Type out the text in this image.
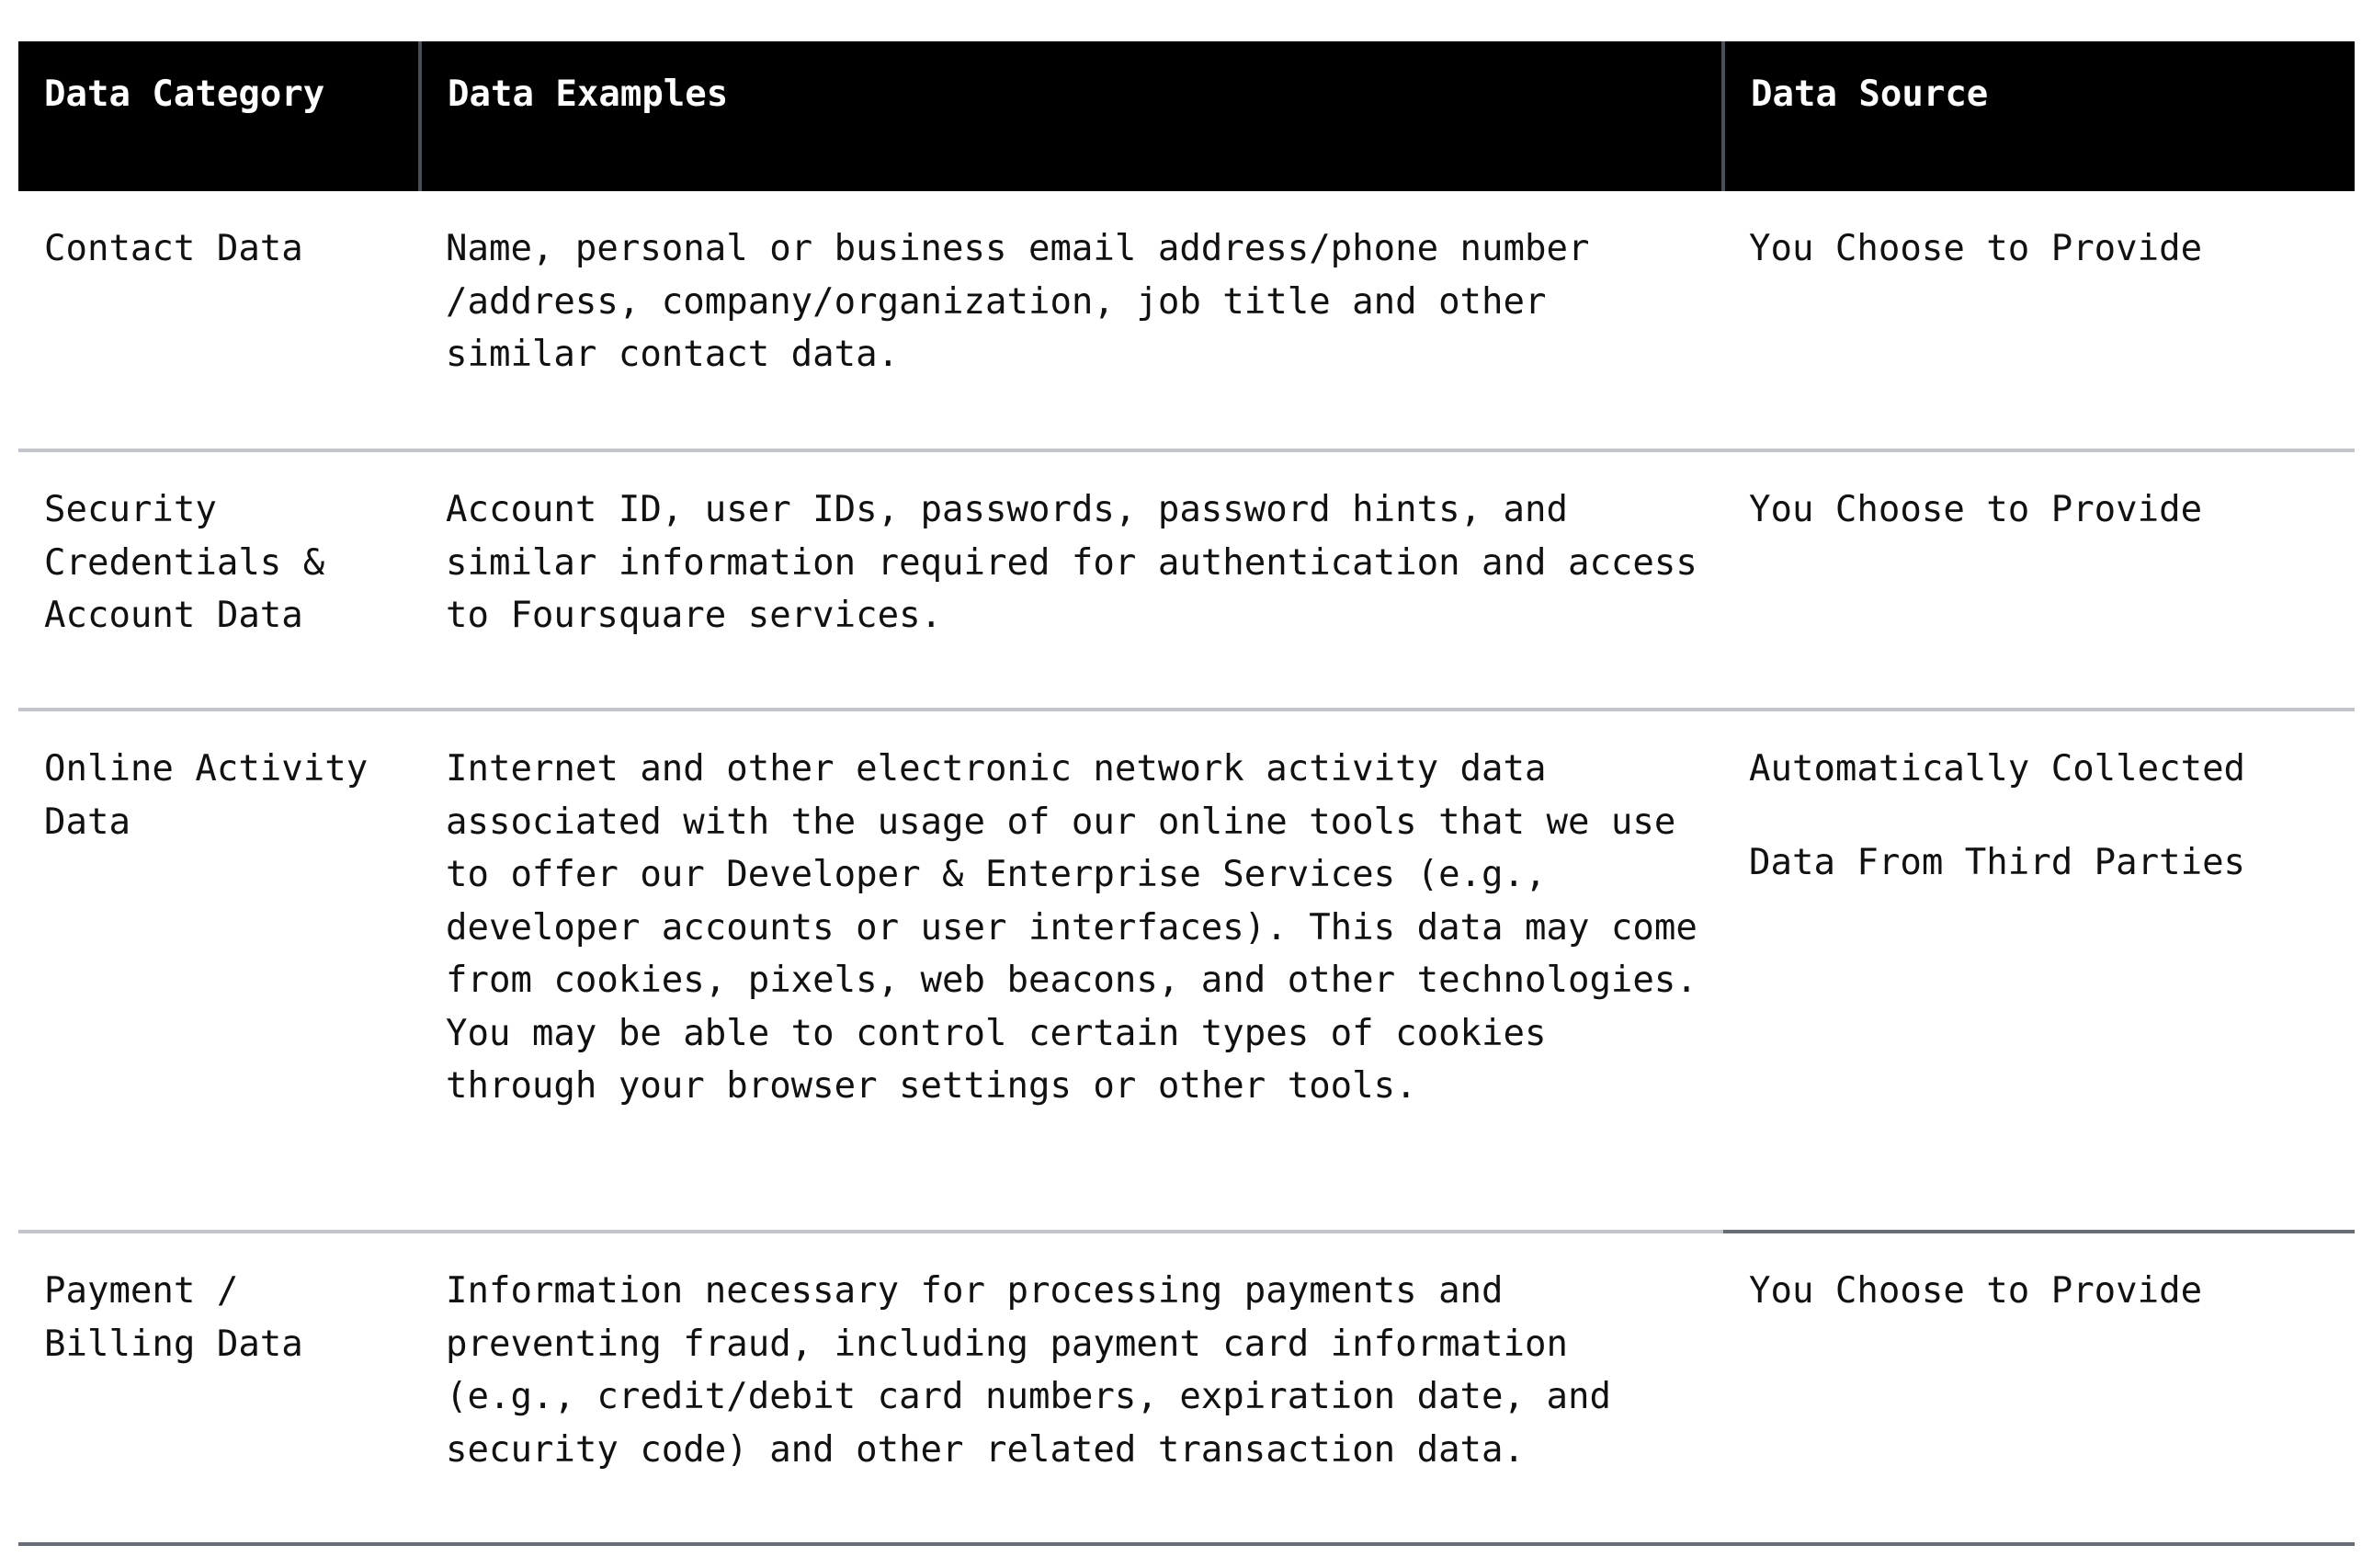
Data Category	Data Examples	Data Source

Contact Data	Name, personal or business email address/phone number /address, company/organization, job title and other similar contact data.	You Choose to Provide

Security Credentials & Account Data	Account ID, user IDs, passwords, password hints, and similar information required for authentication and access to Foursquare services.	You Choose to Provide

Online Activity Data	Internet and other electronic network activity data associated with the usage of our online tools that we use to offer our Developer & Enterprise Services (e.g., developer accounts or user interfaces). This data may come from cookies, pixels, web beacons, and other technologies. You may be able to control certain types of cookies through your browser settings or other tools.	Automatically Collected
Data From Third Parties

Payment / Billing Data	Information necessary for processing payments and preventing fraud, including payment card information (e.g., credit/debit card numbers, expiration date, and security code) and other related transaction data.	You Choose to Provide
